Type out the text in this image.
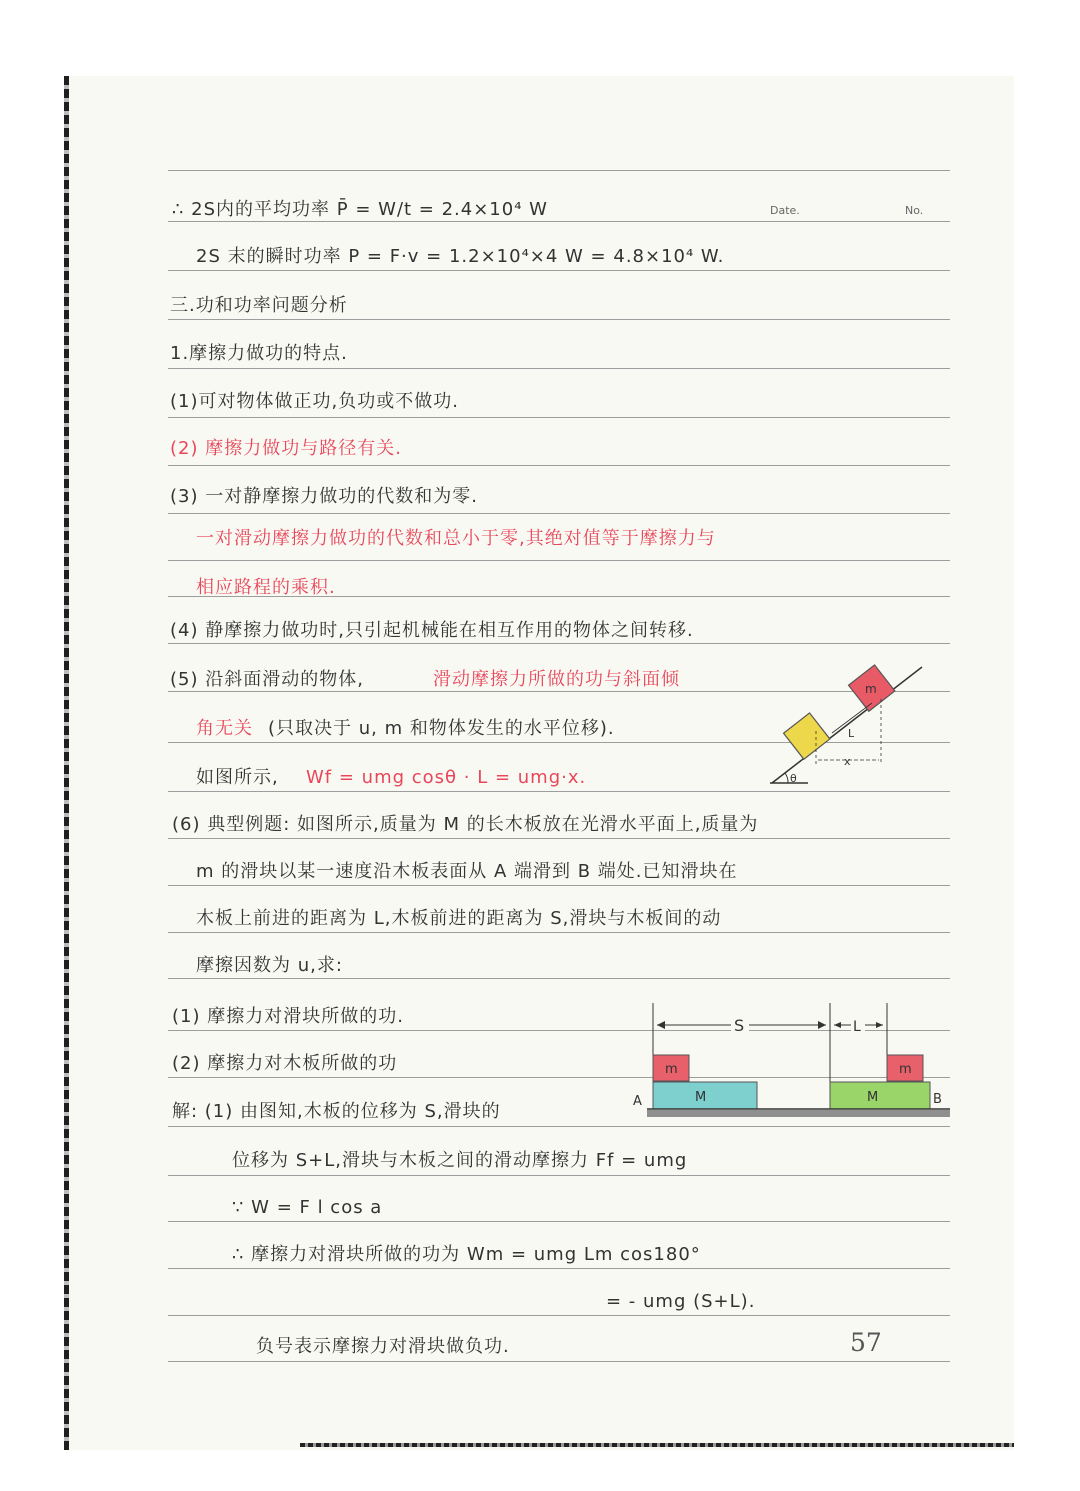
Date.	No.
∴ 2S内的平均功率 P̄ = W/t = 2.4×10⁴ W
2S 末的瞬时功率 P = F·v = 1.2×10⁴×4 W = 4.8×10⁴ W.
三.功和功率问题分析
1.摩擦力做功的特点.
(1)可对物体做正功,负功或不做功.
(2) 摩擦力做功与路径有关.
(3) 一对静摩擦力做功的代数和为零.
一对滑动摩擦力做功的代数和总小于零,其绝对值等于摩擦力与
相应路程的乘积.
(4) 静摩擦力做功时,只引起机械能在相互作用的物体之间转移.
(5) 沿斜面滑动的物体,	滑动摩擦力所做的功与斜面倾
角无关 (只取决于 u, m 和物体发生的水平位移).
如图所示, Wf = umg cosθ · L = umg·x.
(6) 典型例题: 如图所示,质量为 M 的长木板放在光滑水平面上,质量为
m 的滑块以某一速度沿木板表面从 A 端滑到 B 端处.已知滑块在
木板上前进的距离为 L,木板前进的距离为 S,滑块与木板间的动
摩擦因数为 u,求:
(1) 摩擦力对滑块所做的功.
(2) 摩擦力对木板所做的功
解: (1) 由图知,木板的位移为 S,滑块的
位移为 S+L,滑块与木板之间的滑动摩擦力 Ff = umg
∵ W = F l cos a
∴ 摩擦力对滑块所做的功为 Wm = umg Lm cos180°
= - umg (S+L).
负号表示摩擦力对滑块做负功.
θ
m
L
x
S	L
m
M
m
M
A	B
57
